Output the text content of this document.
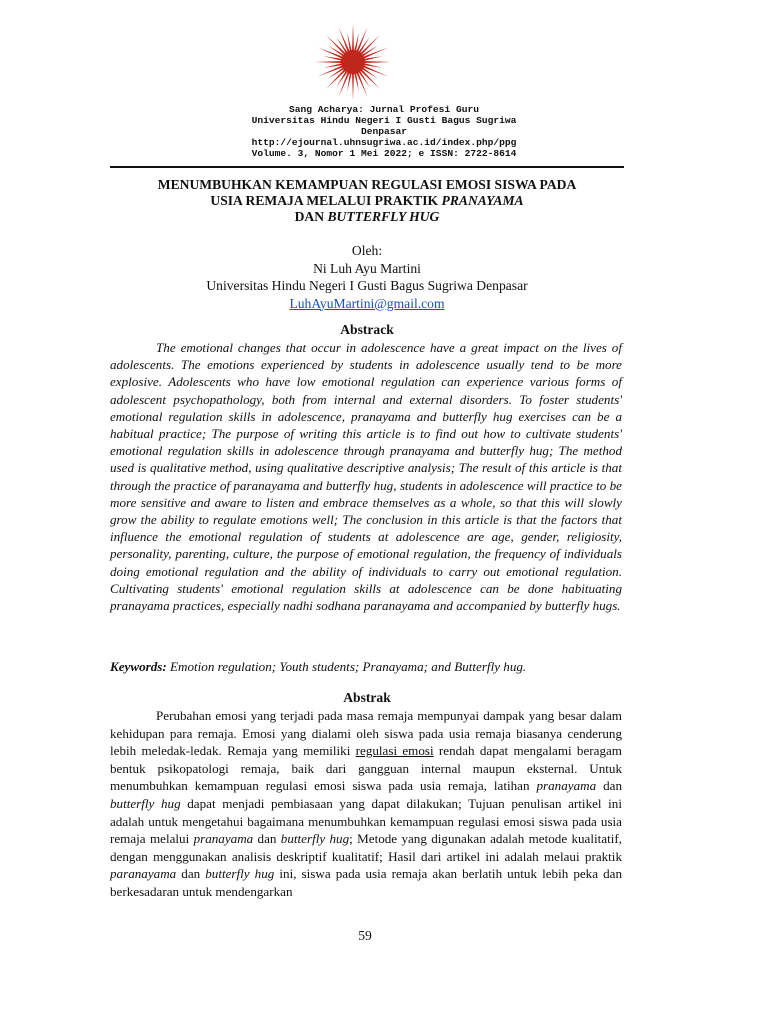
Sang Acharya: Jurnal Profesi Guru
Universitas Hindu Negeri I Gusti Bagus Sugriwa
Denpasar
http://ejournal.uhnsugriwa.ac.id/index.php/ppg
Volume. 3, Nomor 1 Mei 2022; e ISSN: 2722-8614
MENUMBUHKAN KEMAMPUAN REGULASI EMOSI SISWA PADA
USIA REMAJA MELALUI PRAKTIK PRANAYAMA
DAN BUTTERFLY HUG
Oleh:
Ni Luh Ayu Martini
Universitas Hindu Negeri I Gusti Bagus Sugriwa Denpasar
LuhAyuMartini@gmail.com
Abstrack
The emotional changes that occur in adolescence have a great impact on the lives of adolescents. The emotions experienced by students in adolescence usually tend to be more explosive. Adolescents who have low emotional regulation can experience various forms of adolescent psychopathology, both from internal and external disorders. To foster students' emotional regulation skills in adolescence, pranayama and butterfly hug exercises can be a habitual practice; The purpose of writing this article is to find out how to cultivate students' emotional regulation skills in adolescence through pranayama and butterfly hug; The method used is qualitative method, using qualitative descriptive analysis; The result of this article is that through the practice of paranayama and butterfly hug, students in adolescence will practice to be more sensitive and aware to listen and embrace themselves as a whole, so that this will slowly grow the ability to regulate emotions well; The conclusion in this article is that the factors that influence the emotional regulation of students at adolescence are age, gender, religiosity, personality, parenting, culture, the purpose of emotional regulation, the frequency of individuals doing emotional regulation and the ability of individuals to carry out emotional regulation. Cultivating students' emotional regulation skills at adolescence can be done habituating pranayama practices, especially nadhi sodhana paranayama and accompanied by butterfly hugs.
Keywords: Emotion regulation; Youth students; Pranayama; and Butterfly hug.
Abstrak
Perubahan emosi yang terjadi pada masa remaja mempunyai dampak yang besar dalam kehidupan para remaja. Emosi yang dialami oleh siswa pada usia remaja biasanya cenderung lebih meledak-ledak. Remaja yang memiliki regulasi emosi rendah dapat mengalami beragam bentuk psikopatologi remaja, baik dari gangguan internal maupun eksternal. Untuk menumbuhkan kemampuan regulasi emosi siswa pada usia remaja, latihan pranayama dan butterfly hug dapat menjadi pembiasaan yang dapat dilakukan; Tujuan penulisan artikel ini adalah untuk mengetahui bagaimana menumbuhkan kemampuan regulasi emosi siswa pada usia remaja melalui pranayama dan butterfly hug; Metode yang digunakan adalah metode kualitatif, dengan menggunakan analisis deskriptif kualitatif; Hasil dari artikel ini adalah melaui praktik paranayama dan butterfly hug ini, siswa pada usia remaja akan berlatih untuk lebih peka dan berkesadaran untuk mendengarkan
59
